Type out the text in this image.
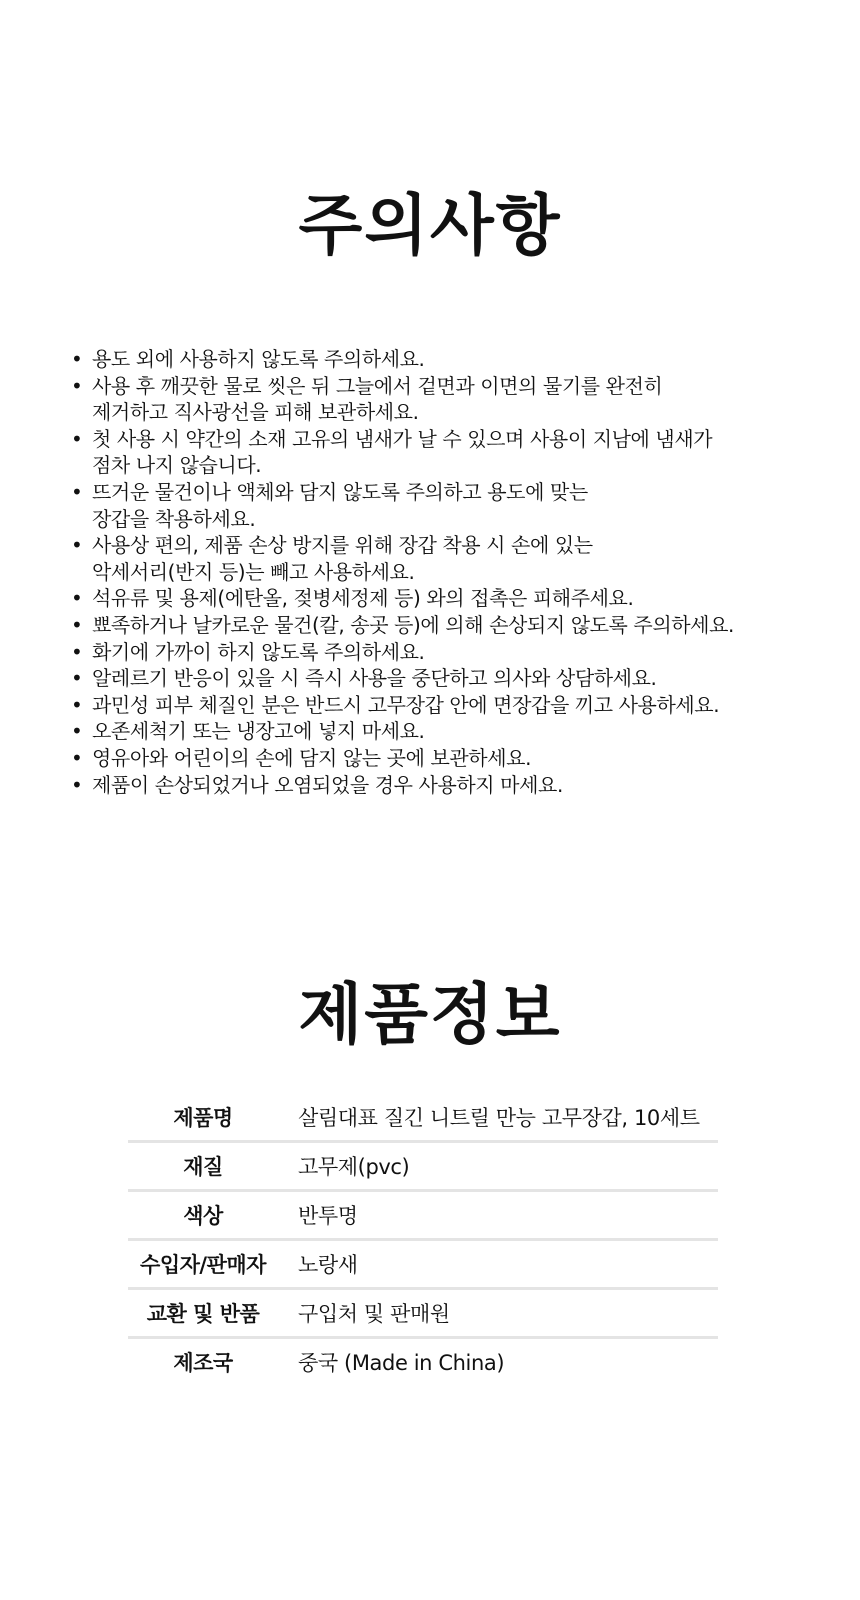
주의사항
• 용도 외에 사용하지 않도록 주의하세요.
• 사용 후 깨끗한 물로 씻은 뒤 그늘에서 겉면과 이면의 물기를 완전히
제거하고 직사광선을 피해 보관하세요.
• 첫 사용 시 약간의 소재 고유의 냄새가 날 수 있으며 사용이 지남에 냄새가
점차 나지 않습니다.
• 뜨거운 물건이나 액체와 담지 않도록 주의하고 용도에 맞는
장갑을 착용하세요.
• 사용상 편의, 제품 손상 방지를 위해 장갑 착용 시 손에 있는
악세서리(반지 등)는 빼고 사용하세요.
• 석유류 및 용제(에탄올, 젖병세정제 등) 와의 접촉은 피해주세요.
• 뾰족하거나 날카로운 물건(칼, 송곳 등)에 의해 손상되지 않도록 주의하세요.
• 화기에 가까이 하지 않도록 주의하세요.
• 알레르기 반응이 있을 시 즉시 사용을 중단하고 의사와 상담하세요.
• 과민성 피부 체질인 분은 반드시 고무장갑 안에 면장갑을 끼고 사용하세요.
• 오존세척기 또는 냉장고에 넣지 마세요.
• 영유아와 어린이의 손에 담지 않는 곳에 보관하세요.
• 제품이 손상되었거나 오염되었을 경우 사용하지 마세요.
제품정보
제품명	살림대표 질긴 니트릴 만능 고무장갑, 10세트
재질	고무제(pvc)
색상	반투명
수입자/판매자	노랑새
교환 및 반품	구입처 및 판매원
제조국	중국 (Made in China)
